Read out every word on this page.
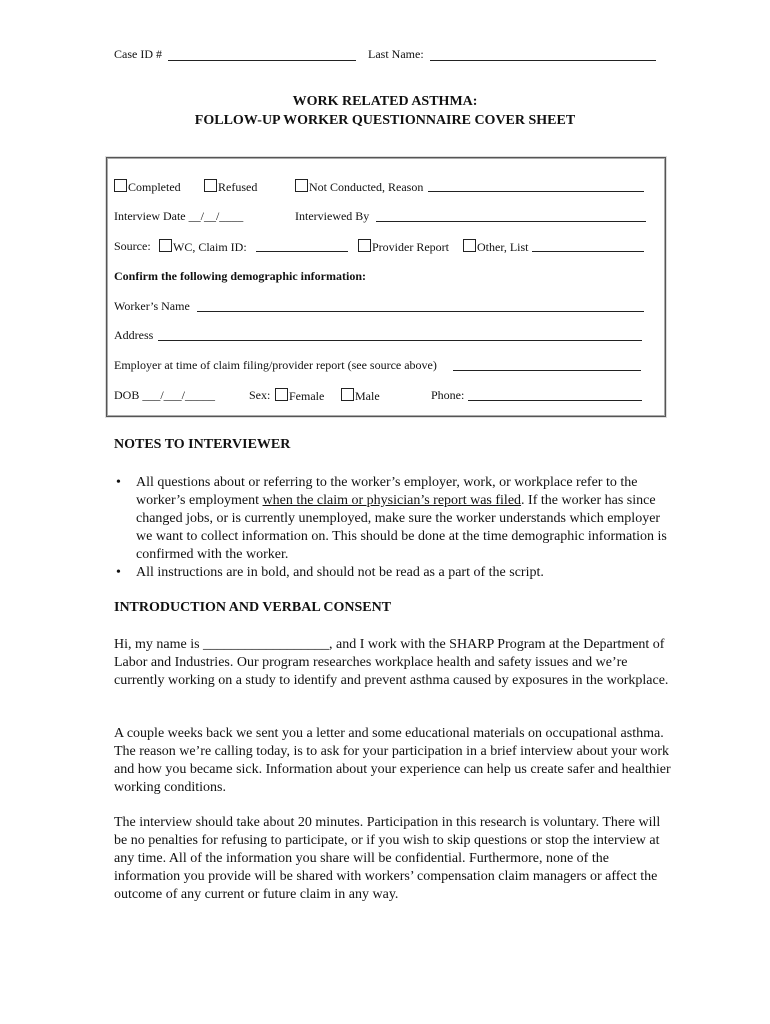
Case ID #	Last Name:
WORK RELATED ASTHMA:
FOLLOW-UP WORKER QUESTIONNAIRE COVER SHEET
Completed	Refused	Not Conducted, Reason
Interview Date __/__/____	Interviewed By
Source:	WC, Claim ID:	Provider Report	Other, List
Confirm the following demographic information:
Worker’s Name
Address
Employer at time of claim filing/provider report (see source above)
DOB ___/___/_____	Sex:	Female	Male	Phone:
NOTES TO INTERVIEWER
• All questions about or referring to the worker’s employer, work, or workplace refer to the worker’s employment when the claim or physician’s report was filed. If the worker has since changed jobs, or is currently unemployed, make sure the worker understands which employer we want to collect information on. This should be done at the time demographic information is confirmed with the worker.
• All instructions are in bold, and should not be read as a part of the script.
INTRODUCTION AND VERBAL CONSENT

Hi, my name is __________________, and I work with the SHARP Program at the Department of Labor and Industries. Our program researches workplace health and safety issues and we’re currently working on a study to identify and prevent asthma caused by exposures in the workplace.

A couple weeks back we sent you a letter and some educational materials on occupational asthma. The reason we’re calling today, is to ask for your participation in a brief interview about your work and how you became sick. Information about your experience can help us create safer and healthier working conditions.

The interview should take about 20 minutes. Participation in this research is voluntary. There will be no penalties for refusing to participate, or if you wish to skip questions or stop the interview at any time. All of the information you share will be confidential. Furthermore, none of the information you provide will be shared with workers’ compensation claim managers or affect the outcome of any current or future claim in any way.
